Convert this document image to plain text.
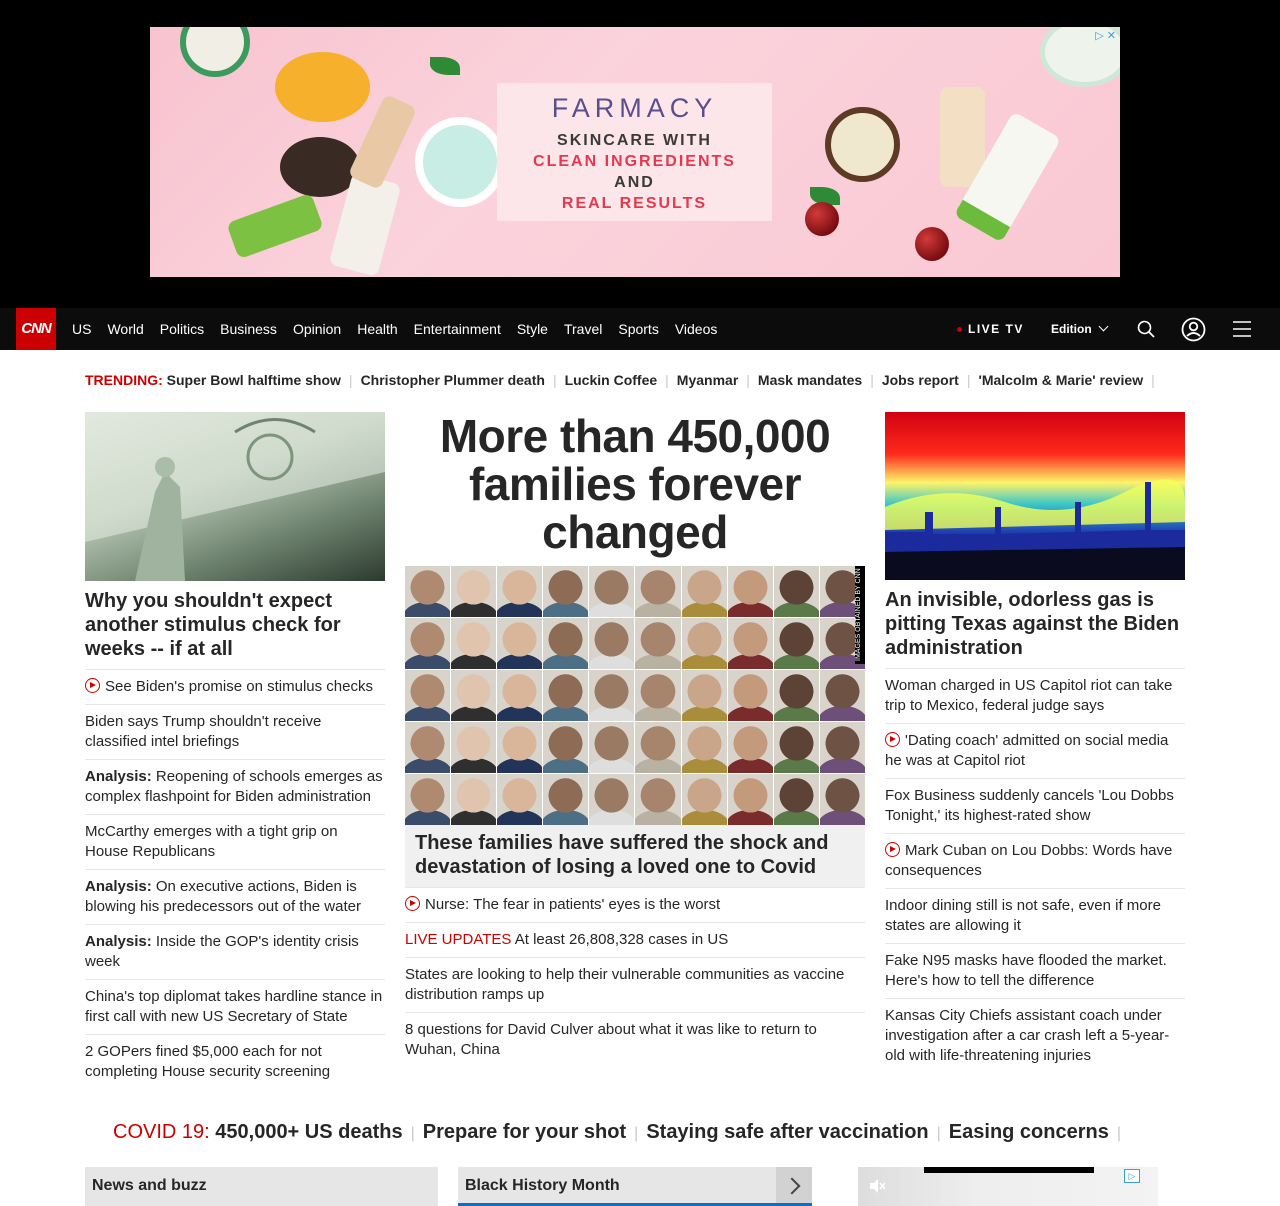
FARMACY
SKINCARE WITH
CLEAN INGREDIENTS
AND
REAL RESULTS
▷ ✕
CNN	US	World	Politics	Business	Opinion	Health	Entertainment	Style	Travel	Sports	Videos	LIVE TV Edition
TRENDING: Super Bowl halftime show | Christopher Plummer death | Luckin Coffee | Myanmar | Mask mandates | Jobs report | 'Malcolm & Marie' review |
Why you shouldn't expect another stimulus check for weeks -- if at all
See Biden's promise on stimulus checks
Biden says Trump shouldn't receive classified intel briefings
Analysis: Reopening of schools emerges as complex flashpoint for Biden administration
McCarthy emerges with a tight grip on House Republicans
Analysis: On executive actions, Biden is blowing his predecessors out of the water
Analysis: Inside the GOP's identity crisis week
China's top diplomat takes hardline stance in first call with new US Secretary of State
2 GOPers fined $5,000 each for not completing House security screening
More than 450,000 families forever changed
IMAGES OBTAINED BY CNN
These families have suffered the shock and devastation of losing a loved one to Covid
Nurse: The fear in patients' eyes is the worst
LIVE UPDATES At least 26,808,328 cases in US
States are looking to help their vulnerable communities as vaccine distribution ramps up
8 questions for David Culver about what it was like to return to Wuhan, China
An invisible, odorless gas is pitting Texas against the Biden administration
Woman charged in US Capitol riot can take trip to Mexico, federal judge says
'Dating coach' admitted on social media he was at Capitol riot
Fox Business suddenly cancels 'Lou Dobbs Tonight,' its highest-rated show
Mark Cuban on Lou Dobbs: Words have consequences
Indoor dining still is not safe, even if more states are allowing it
Fake N95 masks have flooded the market. Here's how to tell the difference
Kansas City Chiefs assistant coach under investigation after a car crash left a 5-year-old with life-threatening injuries
COVID 19: 450,000+ US deaths | Prepare for your shot | Staying safe after vaccination | Easing concerns |
News and buzz	Black History Month
▷
